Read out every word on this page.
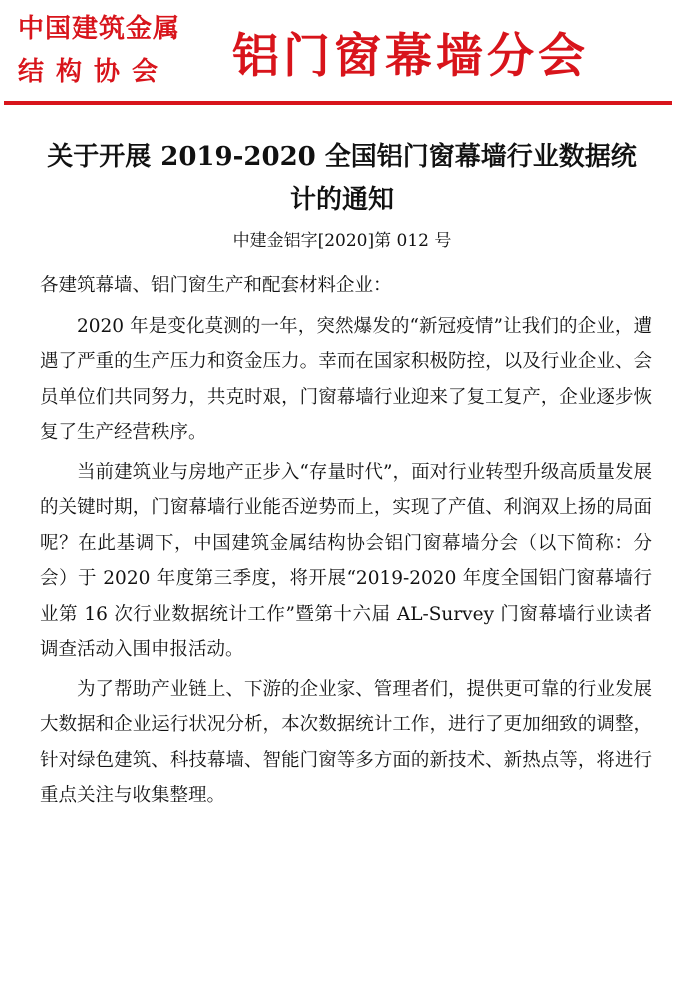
中国建筑金属
结构协会	铝门窗幕墙分会
关于开展 2019-2020 全国铝门窗幕墙行业数据统计的通知
中建金铝字[2020]第 012 号

各建筑幕墙、铝门窗生产和配套材料企业：

2020 年是变化莫测的一年，突然爆发的“新冠疫情”让我们的企业，遭遇了严重的生产压力和资金压力。幸而在国家积极防控，以及行业企业、会员单位们共同努力，共克时艰，门窗幕墙行业迎来了复工复产，企业逐步恢复了生产经营秩序。

当前建筑业与房地产正步入“存量时代”，面对行业转型升级高质量发展的关键时期，门窗幕墙行业能否逆势而上，实现了产值、利润双上扬的局面呢？在此基调下，中国建筑金属结构协会铝门窗幕墙分会（以下简称：分会）于 2020 年度第三季度，将开展“2019-2020 年度全国铝门窗幕墙行业第 16 次行业数据统计工作”暨第十六届 AL-Survey 门窗幕墙行业读者调查活动入围申报活动。

为了帮助产业链上、下游的企业家、管理者们，提供更可靠的行业发展大数据和企业运行状况分析，本次数据统计工作，进行了更加细致的调整，针对绿色建筑、科技幕墙、智能门窗等多方面的新技术、新热点等，将进行重点关注与收集整理。
